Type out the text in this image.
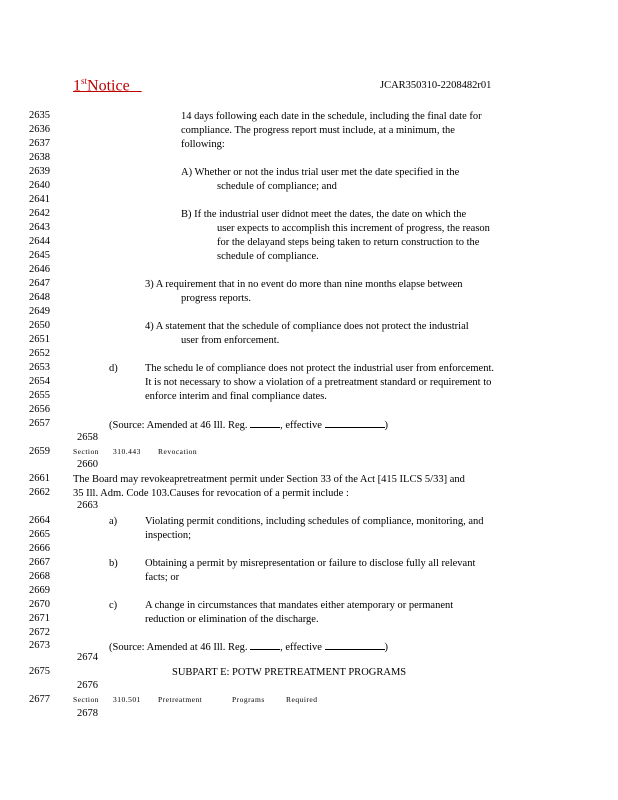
1stNotice	JCAR350310-2208482r01
2635
2636
2637
2638
2639
2640
2641
2642
2643
2644
2645
2646
2647
2648
2649
2650
2651
2652
2653
2654
2655
2656
2657
2658
2659
2660
2661
2662
2663
2664
2665
2666
2667
2668
2669
2670
2671
2672
2673
2674
2675
2676
2677
2678
14 days following each date in the schedule, including the final date for
compliance. The progress report must include, at a minimum, the
following:
A) Whether or not the indus trial user met the date specified in the
schedule of compliance; and
B) If the industrial user didnot meet the dates, the date on which the
user expects to accomplish this increment of progress, the reason
for the delayand steps being taken to return construction to the
schedule of compliance.
3) A requirement that in no event do more than nine months elapse between
progress reports.
4) A statement that the schedule of compliance does not protect the industrial
user from enforcement.
d)	The schedu le of compliance does not protect the industrial user from enforcement.
It is not necessary to show a violation of a pretreatment standard or requirement to
enforce interim and final compliance dates.
(Source: Amended at 46 Ill. Reg.	, effective	)
Section 310.443 Revocation
The Board may revokeapretreatment permit under Section 33 of the Act [415 ILCS 5/33] and
35 Ill. Adm. Code 103.Causes for revocation of a permit include :
a)	Violating permit conditions, including schedules of compliance, monitoring, and
inspection;
b)	Obtaining a permit by misrepresentation or failure to disclose fully all relevant
facts; or
c)	A change in circumstances that mandates either atemporary or permanent
reduction or elimination of the discharge.
(Source: Amended at 46 Ill. Reg.	, effective	)
SUBPART E: POTW PRETREATMENT PROGRAMS
Section 310.501 Pretreatment	Programs	Required
